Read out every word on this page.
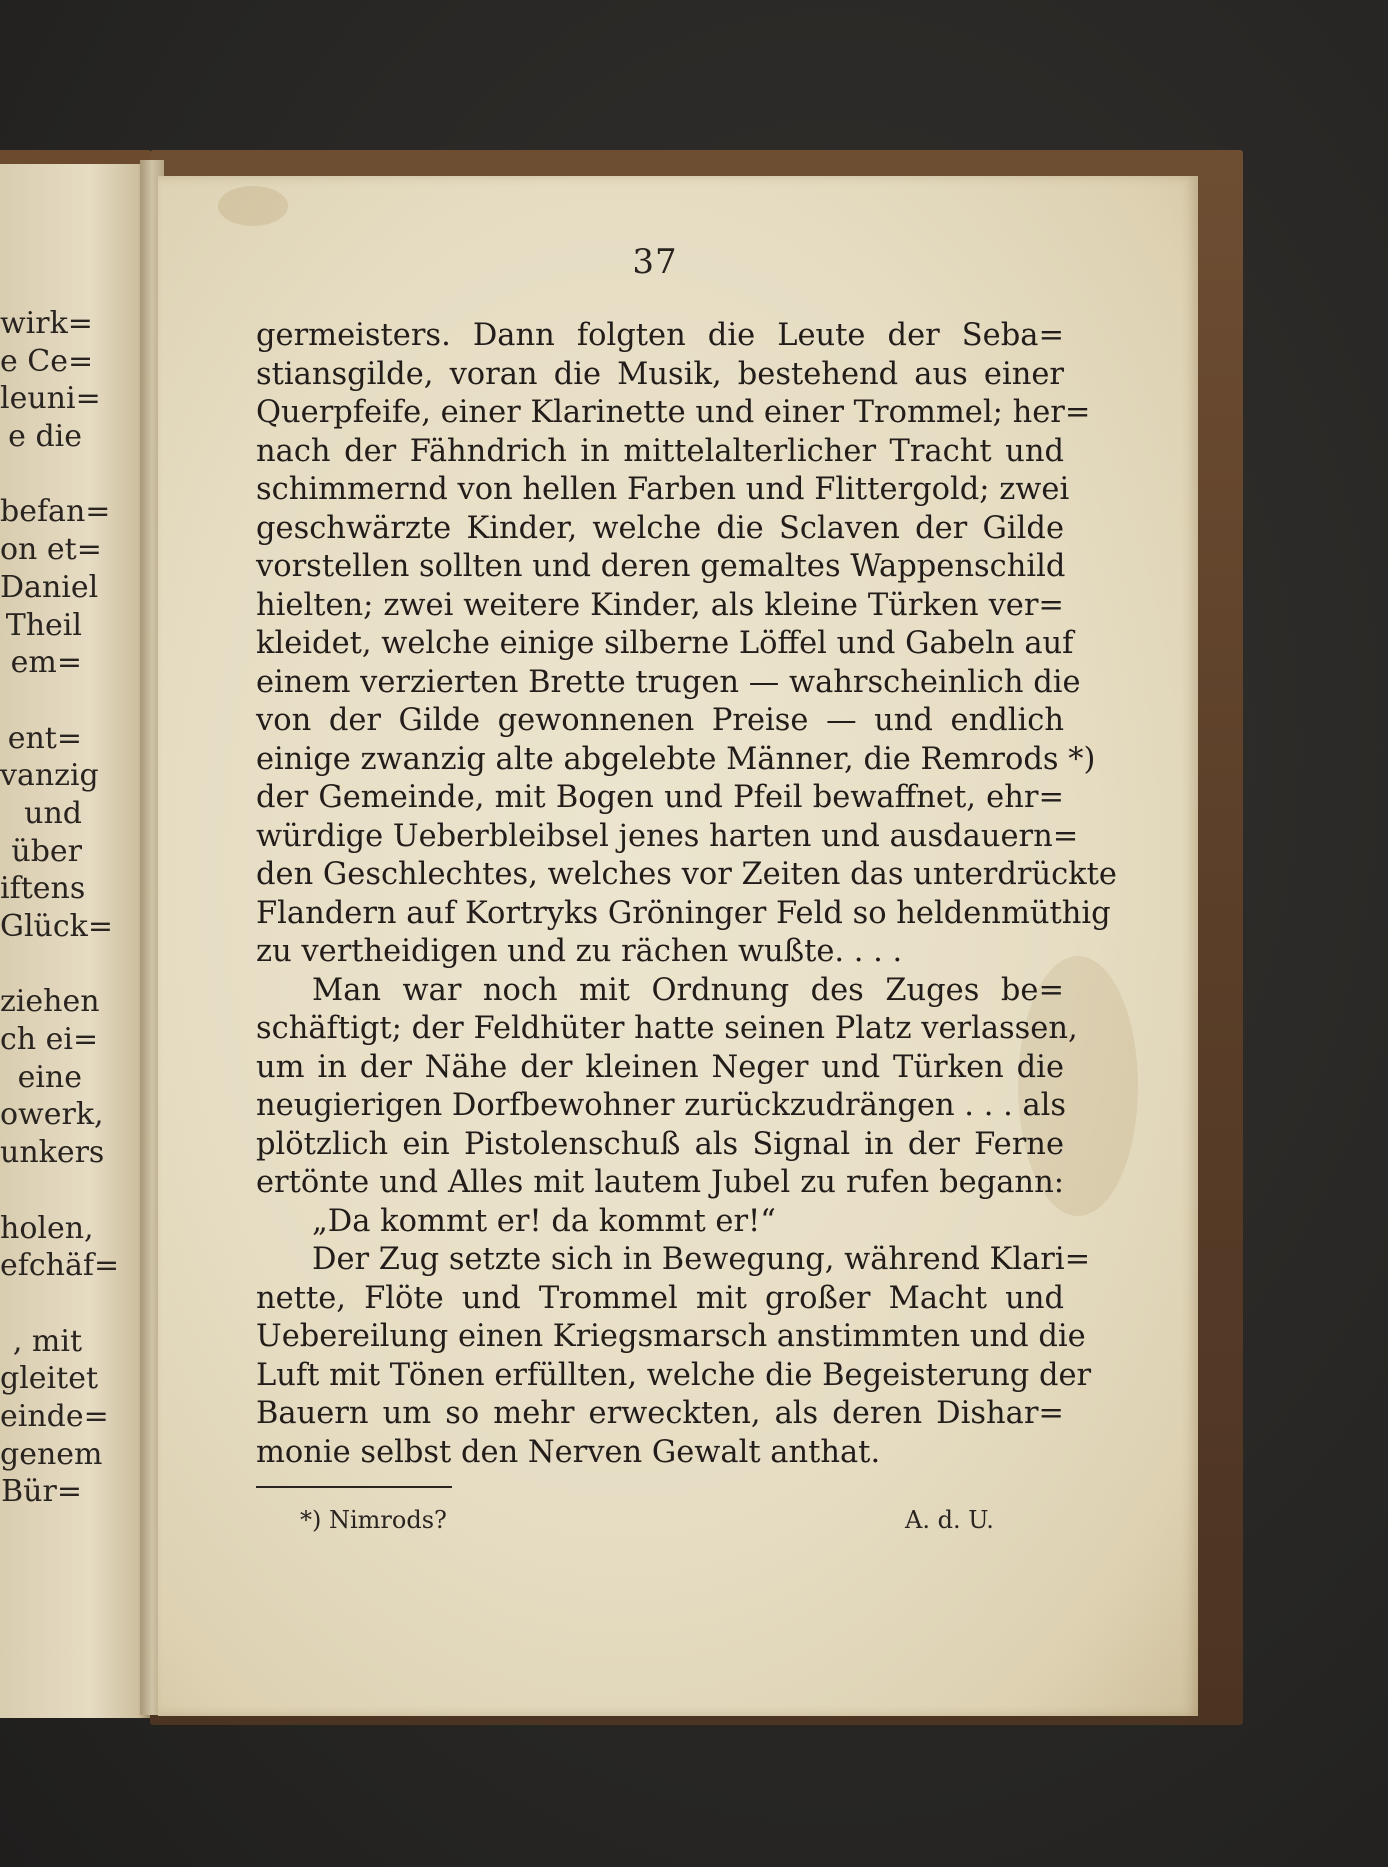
wirk=
e Ce=
leuni=
e die
befan=
on et=
Daniel
Theil
em=
ent=
vanzig
und
über
iftens
Glück=
ziehen
ch ei=
eine
owerk,
unkers
holen,
efchäf=
, mit
gleitet
einde=
genem
Bür=
37
germeisters. Dann folgten die Leute der Seba=
stiansgilde, voran die Musik, bestehend aus einer
Querpfeife, einer Klarinette und einer Trommel; her=
nach der Fähndrich in mittelalterlicher Tracht und
schimmernd von hellen Farben und Flittergold; zwei
geschwärzte Kinder, welche die Sclaven der Gilde
vorstellen sollten und deren gemaltes Wappenschild
hielten; zwei weitere Kinder, als kleine Türken ver=
kleidet, welche einige silberne Löffel und Gabeln auf
einem verzierten Brette trugen — wahrscheinlich die
von der Gilde gewonnenen Preise — und endlich
einige zwanzig alte abgelebte Männer, die Remrods *)
der Gemeinde, mit Bogen und Pfeil bewaffnet, ehr=
würdige Ueberbleibsel jenes harten und ausdauern=
den Geschlechtes, welches vor Zeiten das unterdrückte
Flandern auf Kortryks Gröninger Feld so heldenmüthig
zu vertheidigen und zu rächen wußte. . . .
Man war noch mit Ordnung des Zuges be=
schäftigt; der Feldhüter hatte seinen Platz verlassen,
um in der Nähe der kleinen Neger und Türken die
neugierigen Dorfbewohner zurückzudrängen . . . als
plötzlich ein Pistolenschuß als Signal in der Ferne
ertönte und Alles mit lautem Jubel zu rufen begann:
„Da kommt er! da kommt er!“
Der Zug setzte sich in Bewegung, während Klari=
nette, Flöte und Trommel mit großer Macht und
Uebereilung einen Kriegsmarsch anstimmten und die
Luft mit Tönen erfüllten, welche die Begeisterung der
Bauern um so mehr erweckten, als deren Dishar=
monie selbst den Nerven Gewalt anthat.
*) Nimrods?	A. d. U.
